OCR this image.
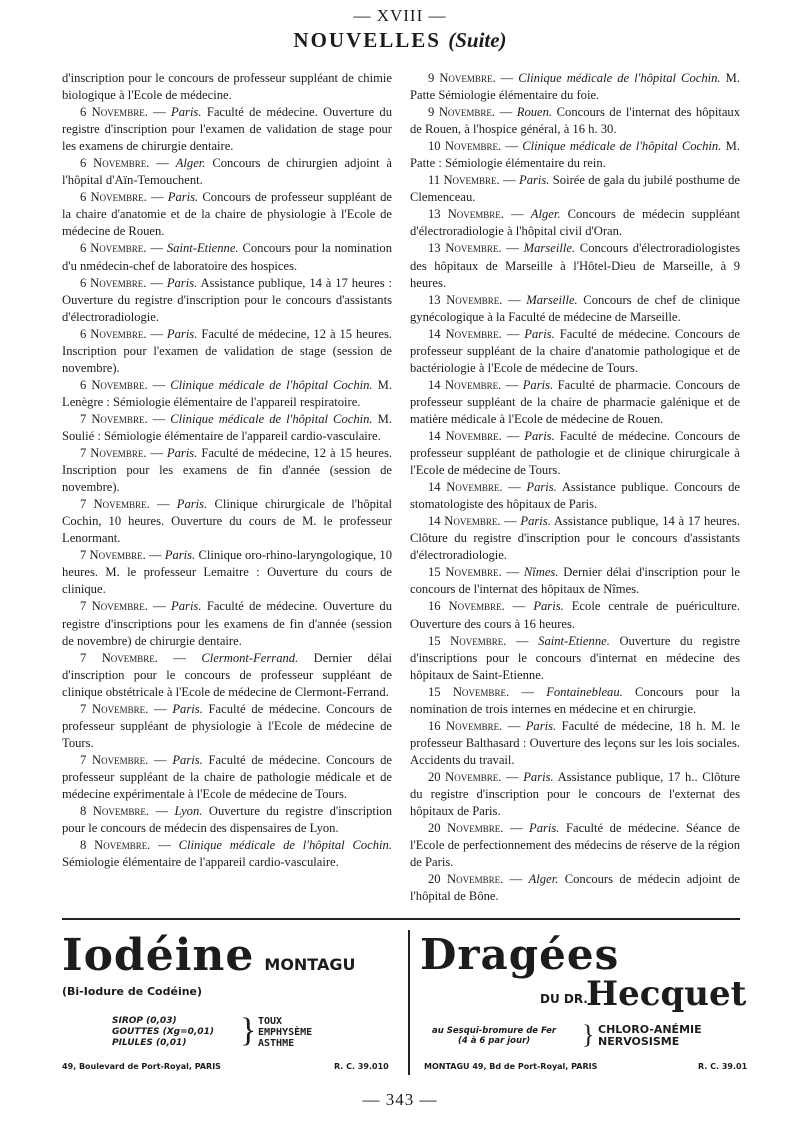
— XVIII —
NOUVELLES (Suite)

d'inscription pour le concours de professeur suppléant de chimie biologique à l'Ecole de médecine.

6 Novembre. — Paris. Faculté de médecine. Ouverture du registre d'inscription pour l'examen de validation de stage pour les examens de chirurgie dentaire.

6 Novembre. — Alger. Concours de chirurgien adjoint à l'hôpital d'Aïn-Temouchent.

6 Novembre. — Paris. Concours de professeur suppléant de la chaire d'anatomie et de la chaire de physiologie à l'Ecole de médecine de Rouen.

6 Novembre. — Saint-Etienne. Concours pour la nomination d'u nmédecin-chef de laboratoire des hospices.

6 Novembre. — Paris. Assistance publique, 14 à 17 heures : Ouverture du registre d'inscription pour le concours d'assistants d'électroradiologie.

6 Novembre. — Paris. Faculté de médecine, 12 à 15 heures. Inscription pour l'examen de validation de stage (session de novembre).

6 Novembre. — Clinique médicale de l'hôpital Cochin. M. Lenègre : Sémiologie élémentaire de l'appareil respiratoire.

7 Novembre. — Clinique médicale de l'hôpital Cochin. M. Soulié : Sémiologie élémentaire de l'appareil cardio-vasculaire.

7 Novembre. — Paris. Faculté de médecine, 12 à 15 heures. Inscription pour les examens de fin d'année (session de novembre).

7 Novembre. — Paris. Clinique chirurgicale de l'hôpital Cochin, 10 heures. Ouverture du cours de M. le professeur Lenormant.

7 Novembre. — Paris. Clinique oro-rhino-laryngologique, 10 heures. M. le professeur Lemaitre : Ouverture du cours de clinique.

7 Novembre. — Paris. Faculté de médecine. Ouverture du registre d'inscriptions pour les examens de fin d'année (session de novembre) de chirurgie dentaire.

7 Novembre. — Clermont-Ferrand. Dernier délai d'inscription pour le concours de professeur suppléant de clinique obstétricale à l'Ecole de médecine de Clermont-Ferrand.

7 Novembre. — Paris. Faculté de médecine. Concours de professeur suppléant de physiologie à l'Ecole de médecine de Tours.

7 Novembre. — Paris. Faculté de médecine. Concours de professeur suppléant de la chaire de pathologie médicale et de médecine expérimentale à l'Ecole de médecine de Tours.

8 Novembre. — Lyon. Ouverture du registre d'inscription pour le concours de médecin des dispensaires de Lyon.

8 Novembre. — Clinique médicale de l'hôpital Cochin. Sémiologie élémentaire de l'appareil cardio-vasculaire.

9 Novembre. — Clinique médicale de l'hôpital Cochin. M. Patte Sémiologie élémentaire du foie.

9 Novembre. — Rouen. Concours de l'internat des hôpitaux de Rouen, à l'hospice général, à 16 h. 30.

10 Novembre. — Clinique médicale de l'hôpital Cochin. M. Patte : Sémiologie élémentaire du rein.

11 Novembre. — Paris. Soirée de gala du jubilé posthume de Clemenceau.

13 Novembre. — Alger. Concours de médecin suppléant d'électroradiologie à l'hôpital civil d'Oran.

13 Novembre. — Marseille. Concours d'électroradiologistes des hôpitaux de Marseille à l'Hôtel-Dieu de Marseille, à 9 heures.

13 Novembre. — Marseille. Concours de chef de clinique gynécologique à la Faculté de médecine de Marseille.

14 Novembre. — Paris. Faculté de médecine. Concours de professeur suppléant de la chaire d'anatomie pathologique et de bactériologie à l'Ecole de médecine de Tours.

14 Novembre. — Paris. Faculté de pharmacie. Concours de professeur suppléant de la chaire de pharmacie galénique et de matière médicale à l'Ecole de médecine de Rouen.

14 Novembre. — Paris. Faculté de médecine. Concours de professeur suppléant de pathologie et de clinique chirurgicale à l'Ecole de médecine de Tours.

14 Novembre. — Paris. Assistance publique. Concours de stomatologiste des hôpitaux de Paris.

14 Novembre. — Paris. Assistance publique, 14 à 17 heures. Clôture du registre d'inscription pour le concours d'assistants d'électroradiologie.

15 Novembre. — Nîmes. Dernier délai d'inscription pour le concours de l'internat des hôpitaux de Nîmes.

16 Novembre. — Paris. Ecole centrale de puériculture. Ouverture des cours à 16 heures.

15 Novembre. — Saint-Etienne. Ouverture du registre d'inscriptions pour le concours d'internat en médecine des hôpitaux de Saint-Etienne.

15 Novembre. — Fontainebleau. Concours pour la nomination de trois internes en médecine et en chirurgie.

16 Novembre. — Paris. Faculté de médecine, 18 h. M. le professeur Balthasard : Ouverture des leçons sur les lois sociales. Accidents du travail.

20 Novembre. — Paris. Assistance publique, 17 h.. Clôture du registre d'inscription pour le concours de l'externat des hôpitaux de Paris.

20 Novembre. — Paris. Faculté de médecine. Séance de l'Ecole de perfectionnement des médecins de réserve de la région de Paris.

20 Novembre. — Alger. Concours de médecin adjoint de l'hôpital de Bône.

Iodéine MONTAGU
(Bi-Iodure de Codéine)
SIROP (0,03)
GOUTTES (Xg=0,01)
PILULES (0,01)	} TOUX
EMPHYSÈME
ASTHME
49, Boulevard de Port-Royal, PARIS	R. C. 39.010
Dragées
DU DR.
Hecquet
au Sesqui-bromure de Fer
(4 à 6 par jour)	} CHLORO-ANÉMIE
NERVOSISME
MONTAGU 49, Bd de Port-Royal, PARIS	R. C. 39.01
— 343 —
